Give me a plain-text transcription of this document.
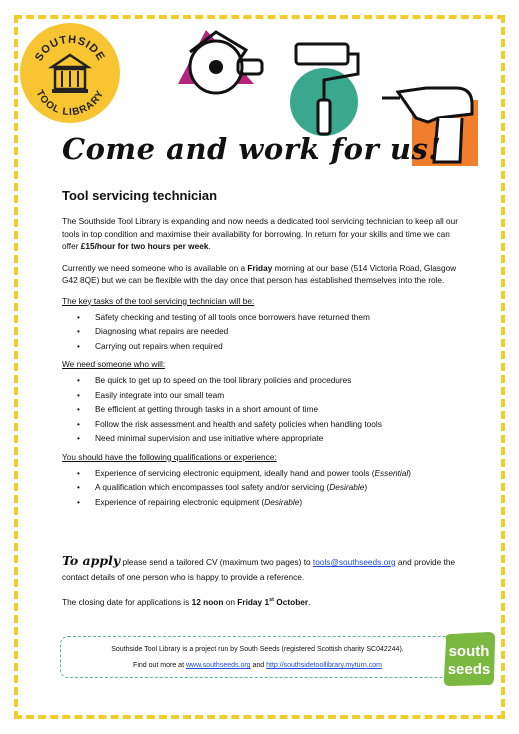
SOUTHSIDE
TOOL LIBRARY
Come and work for us!
Tool servicing technician

The Southside Tool Library is expanding and now needs a dedicated tool servicing technician to keep all our tools in top condition and maximise their availability for borrowing. In return for your skills and time we can offer £15/hour for two hours per week.

Currently we need someone who is available on a Friday morning at our base (514 Victoria Road, Glasgow G42 8QE) but we can be flexible with the day once that person has established themselves into the role.

The key tasks of the tool servicing technician will be:
• Safety checking and testing of all tools once borrowers have returned them
• Diagnosing what repairs are needed
• Carrying out repairs when required
We need someone who will:
• Be quick to get up to speed on the tool library policies and procedures
• Easily integrate into our small team
• Be efficient at getting through tasks in a short amount of time
• Follow the risk assessment and health and safety policies when handling tools
• Need minimal supervision and use initiative where appropriate
You should have the following qualifications or experience:
• Experience of servicing electronic equipment, ideally hand and power tools (Essential)
• A qualification which encompasses tool safety and/or servicing (Desirable)
• Experience of repairing electronic equipment (Desirable)

To apply please send a tailored CV (maximum two pages) to tools@southseeds.org and provide the contact details of one person who is happy to provide a reference.

The closing date for applications is 12 noon on Friday 1st October.

Southside Tool Library is a project run by South Seeds (registered Scottish charity SC042244).
Find out more at www.southseeds.org and http://southsidetoollibrary.myturn.com
south
seeds
